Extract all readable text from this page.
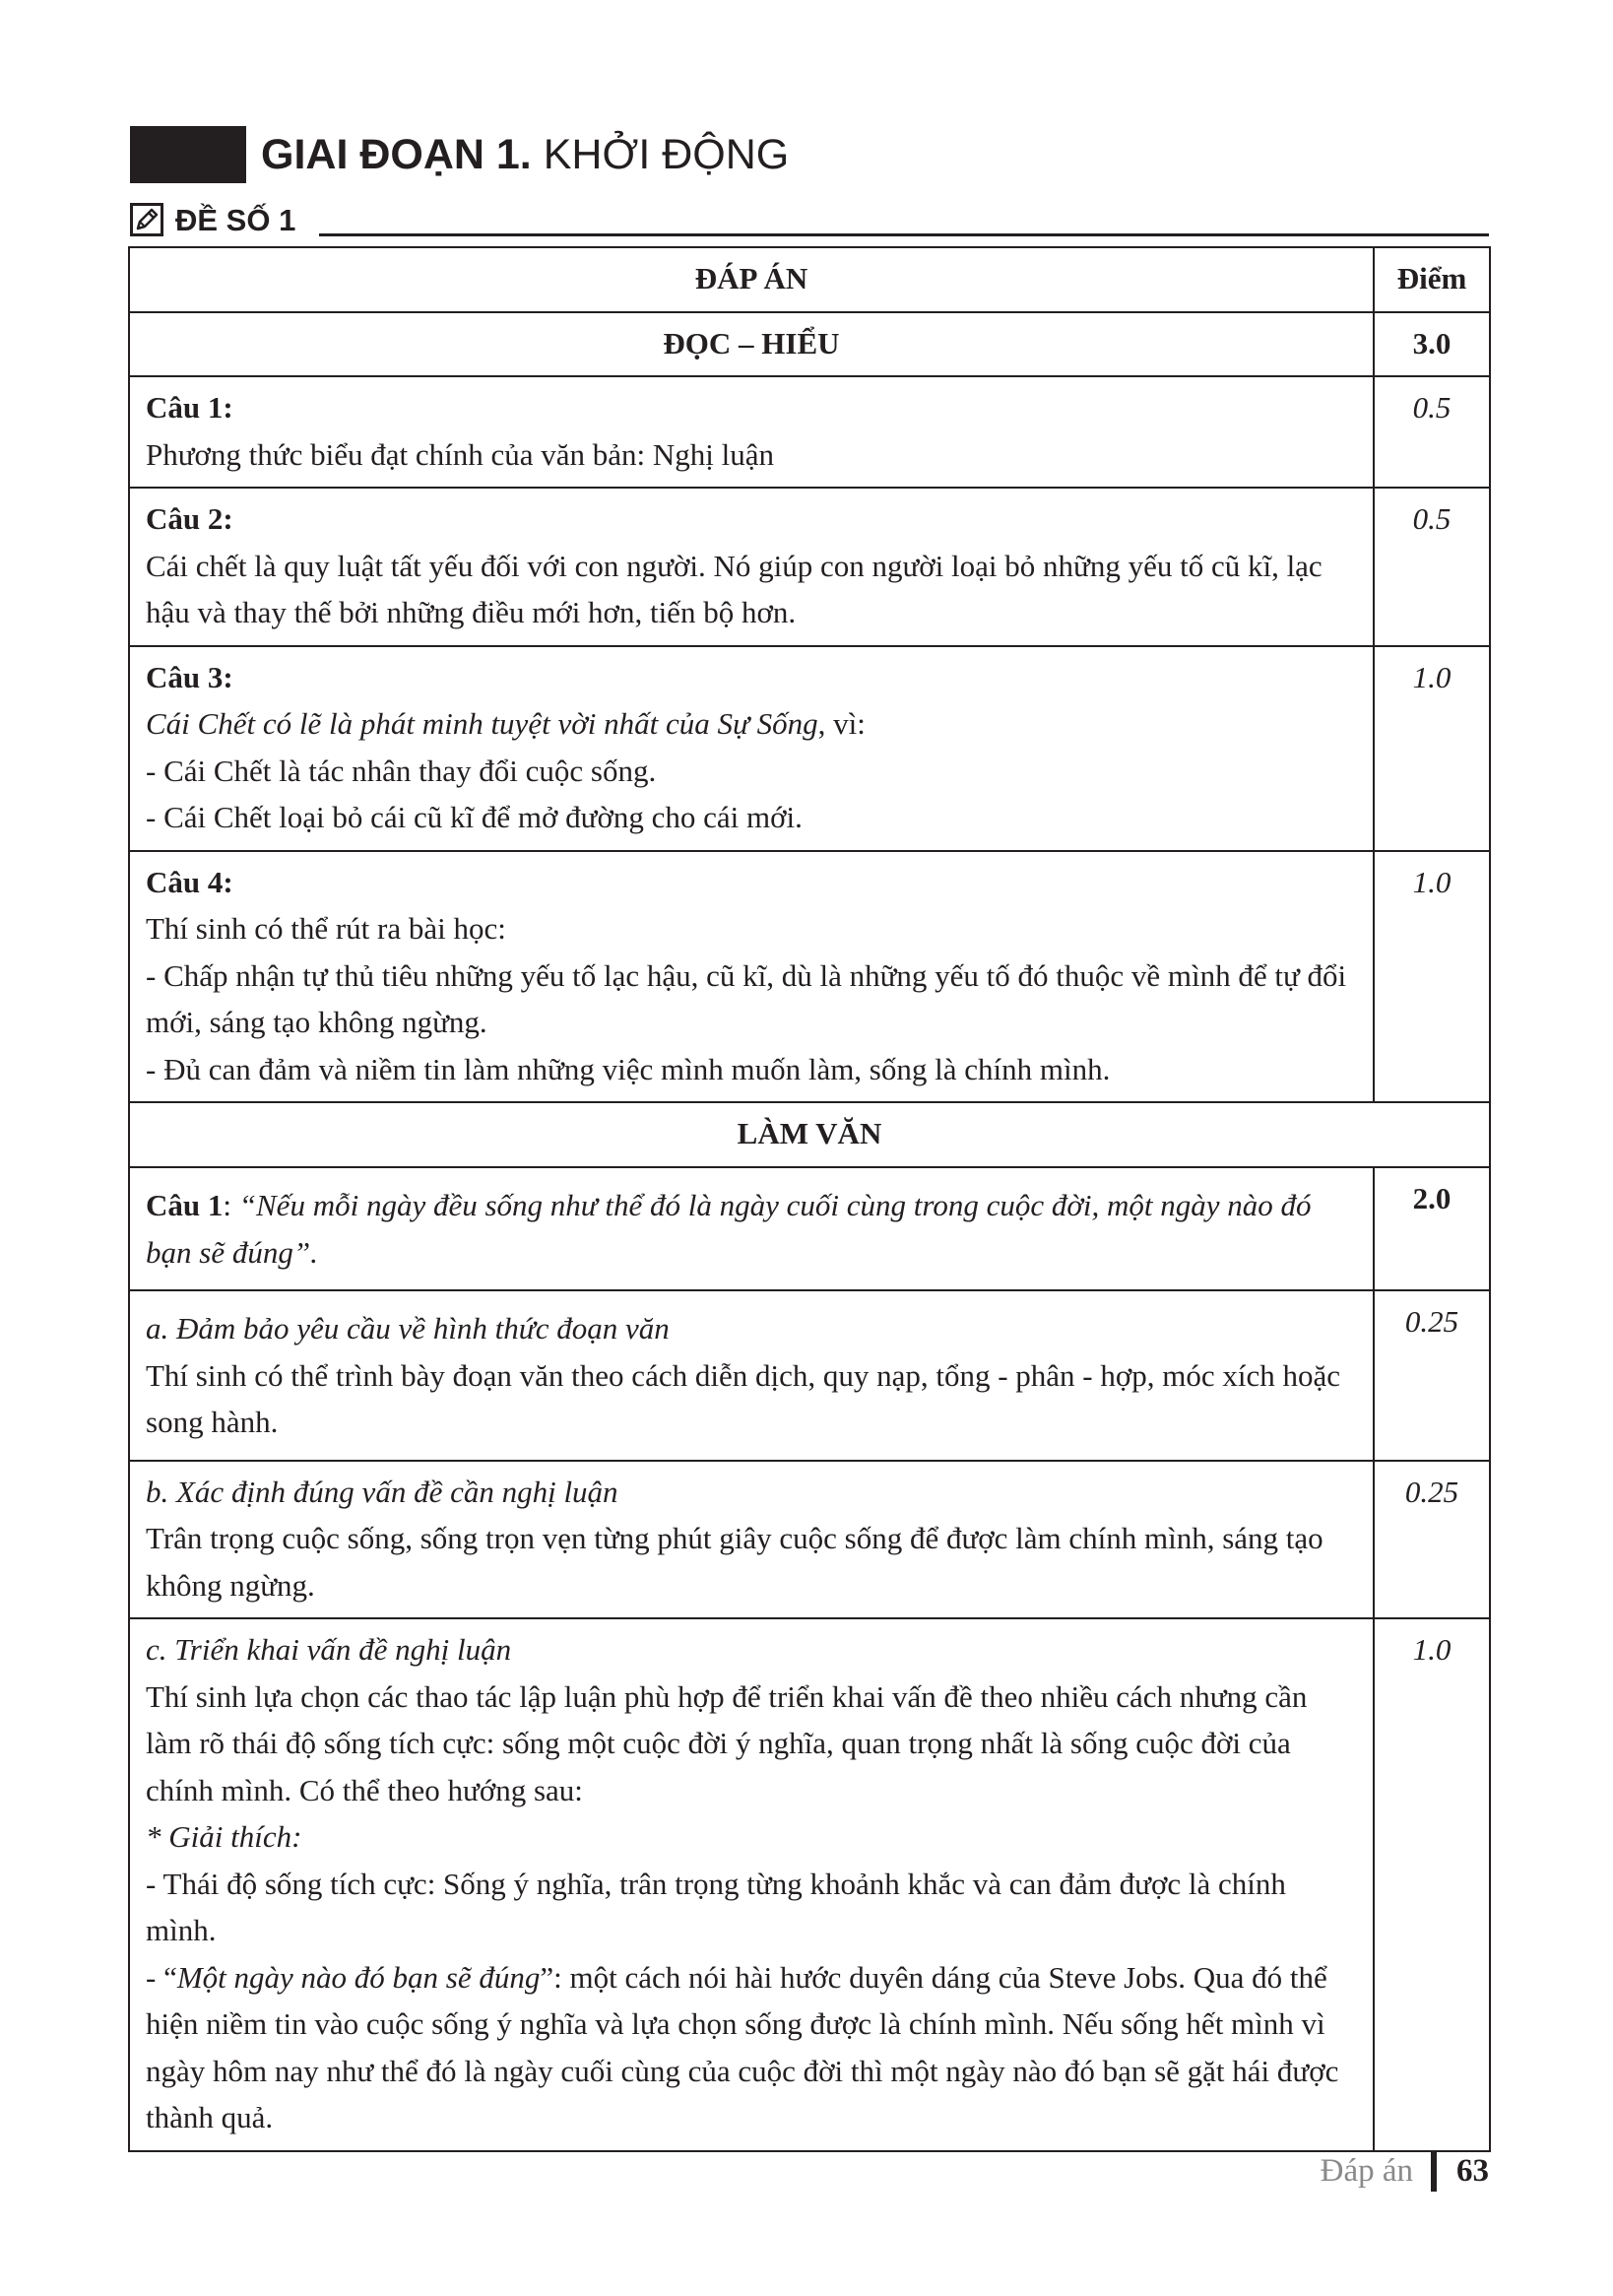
GIAI ĐOẠN 1. KHỞI ĐỘNG
ĐỀ SỐ 1
ĐÁP ÁN	Điểm
ĐỌC – HIỂU	3.0

Câu 1:
Phương thức biểu đạt chính của văn bản: Nghị luận	0.5

Câu 2:
Cái chết là quy luật tất yếu đối với con người. Nó giúp con người loại bỏ những yếu tố cũ kĩ, lạc hậu và thay thế bởi những điều mới hơn, tiến bộ hơn.	0.5

Câu 3:
Cái Chết có lẽ là phát minh tuyệt vời nhất của Sự Sống, vì:
- Cái Chết là tác nhân thay đổi cuộc sống.
- Cái Chết loại bỏ cái cũ kĩ để mở đường cho cái mới.	1.0

Câu 4:
Thí sinh có thể rút ra bài học:
- Chấp nhận tự thủ tiêu những yếu tố lạc hậu, cũ kĩ, dù là những yếu tố đó thuộc về mình để tự đổi mới, sáng tạo không ngừng.
- Đủ can đảm và niềm tin làm những việc mình muốn làm, sống là chính mình.	1.0
LÀM VĂN	
Câu 1: “Nếu mỗi ngày đều sống như thể đó là ngày cuối cùng trong cuộc đời, một ngày nào đó bạn sẽ đúng”.	2.0

a. Đảm bảo yêu cầu về hình thức đoạn văn
Thí sinh có thể trình bày đoạn văn theo cách diễn dịch, quy nạp, tổng - phân - hợp, móc xích hoặc song hành.	0.25

b. Xác định đúng vấn đề cần nghị luận
Trân trọng cuộc sống, sống trọn vẹn từng phút giây cuộc sống để được làm chính mình, sáng tạo không ngừng.	0.25

c. Triển khai vấn đề nghị luận
Thí sinh lựa chọn các thao tác lập luận phù hợp để triển khai vấn đề theo nhiều cách nhưng cần làm rõ thái độ sống tích cực: sống một cuộc đời ý nghĩa, quan trọng nhất là sống cuộc đời của chính mình. Có thể theo hướng sau:
* Giải thích:
- Thái độ sống tích cực: Sống ý nghĩa, trân trọng từng khoảnh khắc và can đảm được là chính mình.
- “Một ngày nào đó bạn sẽ đúng”: một cách nói hài hước duyên dáng của Steve Jobs. Qua đó thể hiện niềm tin vào cuộc sống ý nghĩa và lựa chọn sống được là chính mình. Nếu sống hết mình vì ngày hôm nay như thể đó là ngày cuối cùng của cuộc đời thì một ngày nào đó bạn sẽ gặt hái được thành quả.	1.0
Đáp án 63
